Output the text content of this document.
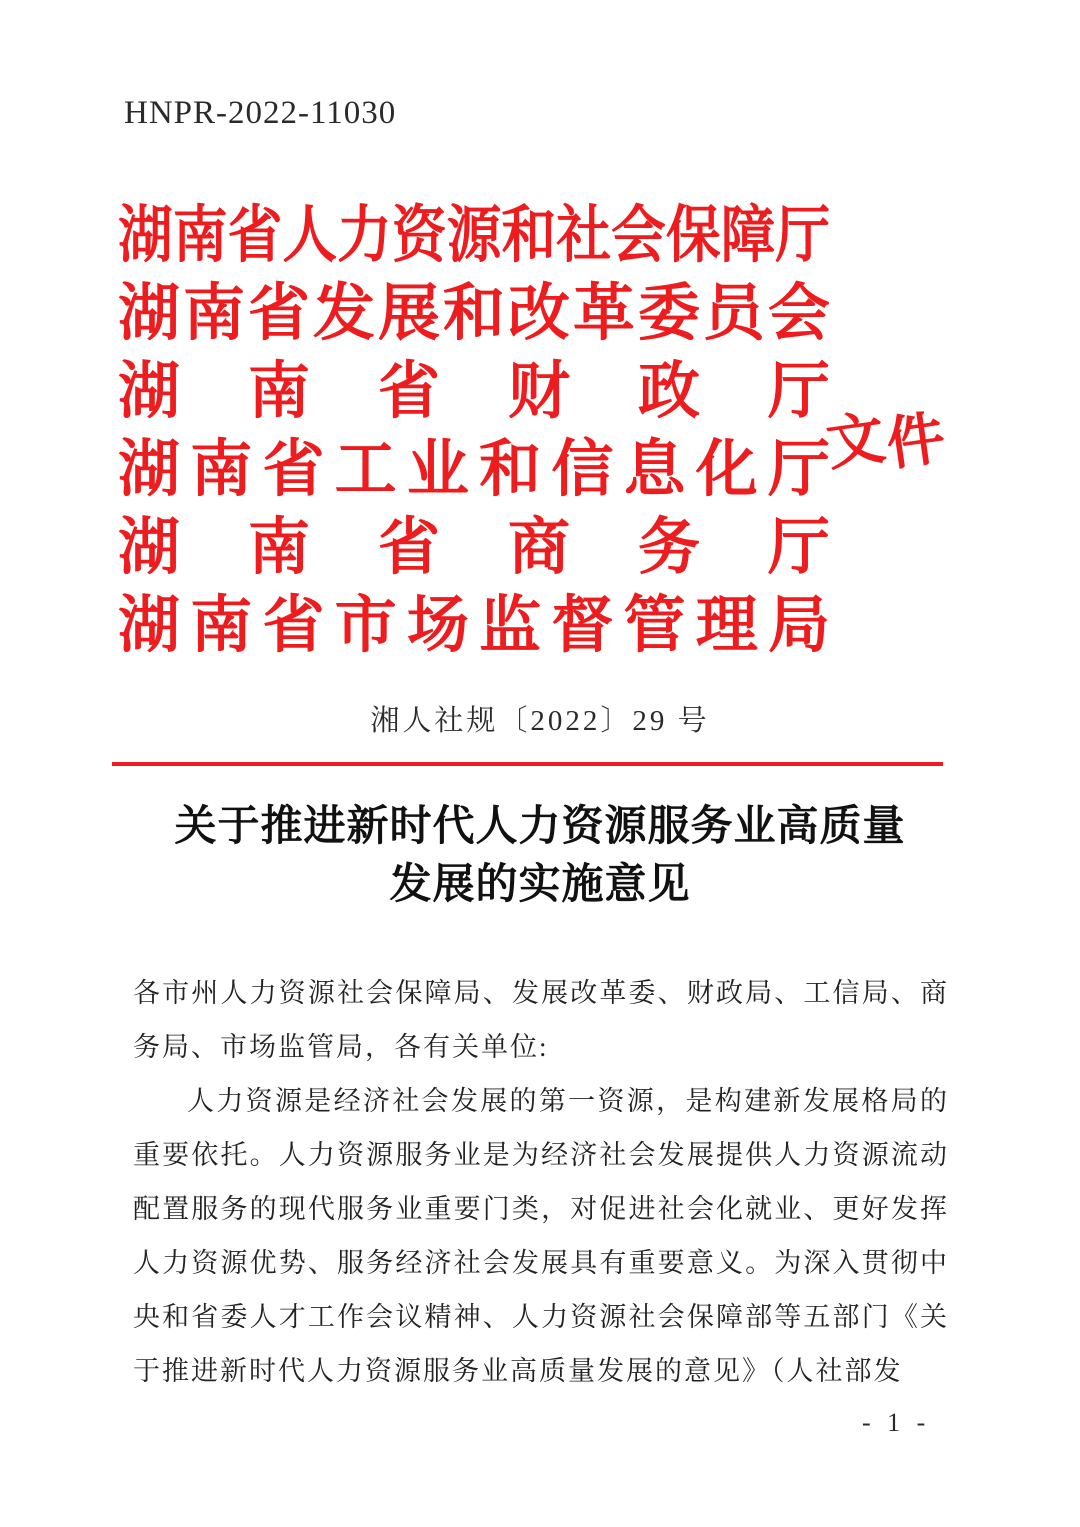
HNPR-2022-11030
湖 南 省 人 力 资 源 和 社 会 保 障 厅
湖 南 省 发 展 和 改 革 委 员 会
湖 南 省 财 政 厅
湖 南 省 工 业 和 信 息 化 厅
湖 南 省 商 务 厅
湖 南 省 市 场 监 督 管 理 局
文
件
湘人社规〔2022〕29 号
关于推进新时代人力资源服务业高质量
发展的实施意见

各市州人力资源社会保障局、发展改革委、财政局、工信局、商务局、市场监管局，各有关单位:

人力资源是经济社会发展的第一资源，是构建新发展格局的重要依托。人力资源服务业是为经济社会发展提供人力资源流动配置服务的现代服务业重要门类，对促进社会化就业、更好发挥人力资源优势、服务经济社会发展具有重要意义。为深入贯彻中央和省委人才工作会议精神、人力资源社会保障部等五部门《关于推进新时代人力资源服务业高质量发展的意见》（人社部发

- 1 -
